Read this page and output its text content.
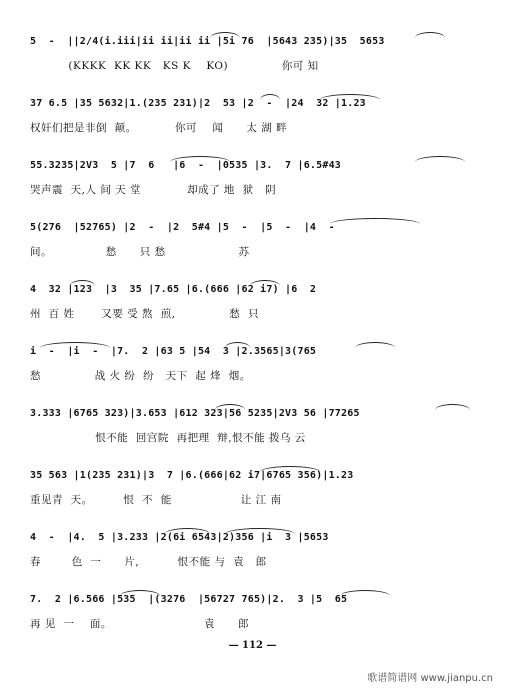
5  -  ||2/4(i.iii|ii ii|ii ii |5i 76  |5643 235)|35  5653
(KKKK  KK KK   KS K    KO)              你可 知
37 6.5 |35 5632|1.(235 231)|2  53 |2  -  |24  32 |1.23
权奸们把是非倒  颠。          你可    闻      太 湖 畔
55.3235|2V3  5 |7  6   |6  -  |0535 |3.  7 |6.5#43
哭声震  天,人 间 天 堂            却成了 地  狱   阴
5(276  |52765) |2  -  |2  5#4 |5  -  |5  -  |4  -
间。              愁      只 愁                   苏
4  32 |123  |3  35 |7.65 |6.(666 |62 i7) |6  2
州  百 姓       又要 受 熬  煎,              愁  只
i  -  |i  -  |7.  2 |63 5 |54  3 |2.3565|3(765
愁              战 火 纷  纷   天下  起 烽  烟。
3.333 |6765 323)|3.653 |612 323|56 5235|2V3 56 |77265
恨不能  回宫院  再把理  辩,恨不能 拨乌 云
35 563 |1(235 231)|3  7 |6.(666|62 i7|6765 356)|1.23
重见青  天。        恨  不  能                  让 江 南
4  -  |4.  5 |3.233 |2(6i 6543|2)356 |i  3 |5653
春        色  一      片,          恨不能 与  袁   郎
7.  2 |6.566 |535  |(3276  |56727 765)|2.  3 |5  65
再 见  一    面。                        袁      郎
— 112 —
歌谱简谱网 www.jianpu.cn
